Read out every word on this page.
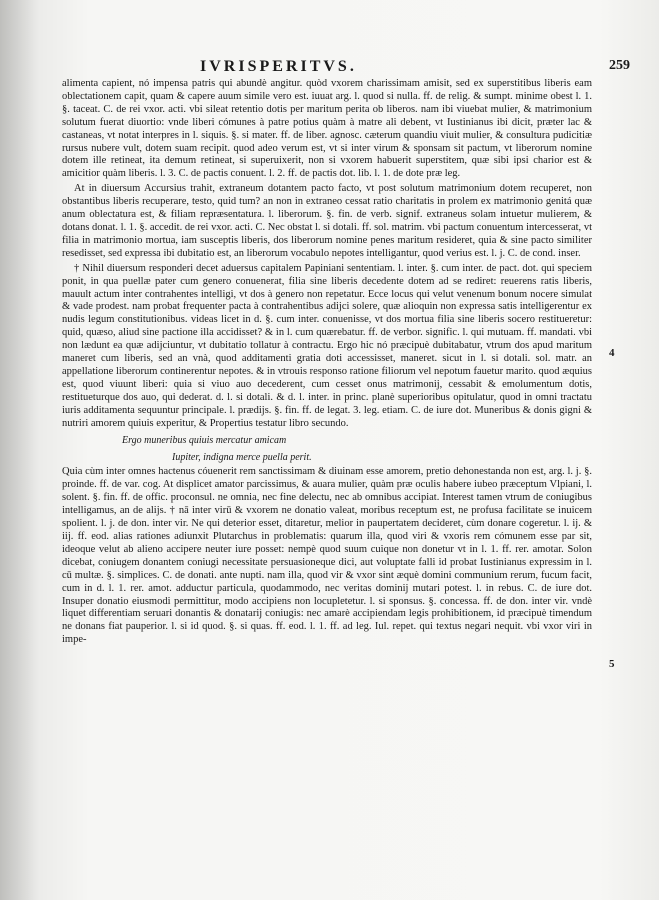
IVRISPERITVS.	259

alimenta capient, nó impensa patris qui abundè angitur. quòd vxorem charissimam amisit, sed ex superstitibus liberis eam oblectationem capit, quam & capere auum simile vero est. iuuat arg. l. quod si nulla. ff. de relig. & sumpt. minime obest l. 1. §. taceat. C. de rei vxor. acti. vbi sileat retentio dotis per maritum perita ob liberos. nam ibi viuebat mulier, & matrimonium solutum fuerat diuortio: vnde liberi cómunes à patre potius quàm à matre ali debent, vt Iustinianus ibi dicit, præter lac & castaneas, vt notat interpres in l. siquis. §. si mater. ff. de liber. agnosc. cæterum quandiu viuit mulier, & consultura pudicitiæ rursus nubere vult, dotem suam recipit. quod adeo verum est, vt si inter virum & sponsam sit pactum, vt liberorum nomine dotem ille retineat, ita demum retineat, si superuixerit, non si vxorem habuerit superstitem, quæ sibi ipsi charior est & amicitior quàm liberis. l. 3. C. de pactis conuent. l. 2. ff. de pactis dot. lib. l. 1. de dote præ leg.

At in diuersum Accursius trahit, extraneum dotantem pacto facto, vt post solutum matrimonium dotem recuperet, non obstantibus liberis recuperare, testo, quid tum? an non in extraneo cessat ratio charitatis in prolem ex matrimonio genitá quæ anum oblectatura est, & filiam repræsentatura. l. liberorum. §. fin. de verb. signif. extraneus solam intuetur mulierem, & dotans donat. l. 1. §. accedit. de rei vxor. acti. C. Nec obstat l. si dotali. ff. sol. matrim. vbi pactum conuentum intercesserat, vt filia in matrimonio mortua, iam susceptis liberis, dos liberorum nomine penes maritum resideret, quia & sine pacto similiter resedisset, sed expressa ibi dubitatio est, an liberorum vocabulo nepotes intelligantur, quod verius est. l. j. C. de cond. inser.

† Nihil diuersum responderi decet aduersus capitalem Papiniani sententiam. l. inter. §. cum inter. de pact. dot. qui speciem ponit, in qua puellæ pater cum genero conuenerat, filia sine liberis decedente dotem ad se rediret: reuerens ratis liberis, mauult actum inter contrahentes intelligi, vt dos à genero non repetatur. Ecce locus qui velut venenum bonum nocere simulat & vade prodest. nam probat frequenter pacta à contrahentibus adijci solere, quæ alioquin non expressa satis intelligerentur ex nudis legum constitutionibus. videas licet in d. §. cum inter. conuenisse, vt dos mortua filia sine liberis socero restitueretur: quid, quæso, aliud sine pactione illa accidisset? & in l. cum quærebatur. ff. de verbor. signific. l. qui mutuam. ff. mandati. vbi non lædunt ea quæ adijciuntur, vt dubitatio tollatur à contractu. Ergo hic nó præcipuè dubitabatur, vtrum dos apud maritum maneret cum liberis, sed an vnà, quod additamenti gratia doti accessisset, maneret. sicut in l. si dotali. sol. matr. an appellatione liberorum continerentur nepotes. & in vtrouis responso ratione filiorum vel nepotum fauetur marito. quod æquius est, quod viuunt liberi: quia si viuo auo decederent, cum cesset onus matrimonij, cessabit & emolumentum dotis, restitueturque dos auo, qui dederat. d. l. si dotali. & d. l. inter. in princ. planè superioribus opitulatur, quod in omni tractatu iuris additamenta sequuntur principale. l. prædijs. §. fin. ff. de legat. 3. leg. etiam. C. de iure dot. Muneribus & donis gigni & nutriri amorem quiuis experitur, & Propertius testatur libro secundo.

Ergo muneribus quiuis mercatur amicam
Iupiter, indigna merce puella perit.

Quia cùm inter omnes hactenus cóuenerit rem sanctissimam & diuinam esse amorem, pretio dehonestanda non est, arg. l. j. §. proinde. ff. de var. cog. At displicet amator parcissimus, & auara mulier, quàm præ oculis habere iubeo præceptum Vlpiani, l. solent. §. fin. ff. de offic. proconsul. ne omnia, nec fine delectu, nec ab omnibus accipiat. Interest tamen vtrum de coniugibus intelligamus, an de alijs. † nā inter virū & vxorem ne donatio valeat, moribus receptum est, ne profusa facilitate se inuicem spolient. l. j. de don. inter vir. Ne qui deterior esset, ditaretur, melior in paupertatem decideret, cùm donare cogeretur. l. ij. & iij. ff. eod. alias rationes adiunxit Plutarchus in problematis: quarum illa, quod viri & vxoris rem cómunem esse par sit, ideoque velut ab alieno accipere neuter iure posset: nempè quod suum cuique non donetur vt in l. 1. ff. rer. amotar. Solon dicebat, coniugem donantem coniugi necessitate persuasioneque dici, aut voluptate falli id probat Iustinianus expressim in l. cū multæ. §. simplices. C. de donati. ante nupti. nam illa, quod vir & vxor sint æquè domini communium rerum, fucum facit, cum in d. l. 1. rer. amot. adductur particula, quodammodo, nec veritas dominij mutari potest. l. in rebus. C. de iure dot. Insuper donatio eiusmodi permittitur, modo accipiens non locupletetur. l. si sponsus. §. concessa. ff. de don. inter vir. vndè liquet differentiam seruari donantis & donatarij coniugis: nec amarè accipiendam legis prohibitionem, id præcipuè timendum ne donans fiat pauperior. l. si id quod. §. si quas. ff. eod. l. 1. ff. ad leg. Iul. repet. qui textus negari nequit. vbi vxor viri in impe-

4
5
